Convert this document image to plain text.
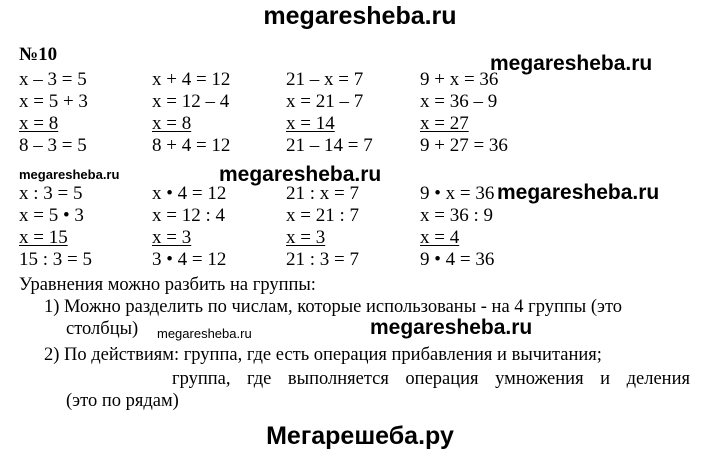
megaresheba.ru
№10	megaresheba.ru
x – 3 = 5
x = 5 + 3
x = 8
8 – 3 = 5
x + 4 = 12
x = 12 – 4
x = 8
8 + 4 = 12
21 – x = 7
x = 21 – 7
x = 14
21 – 14 = 7
9 + x = 36
x = 36 – 9
x = 27
9 + 27 = 36
megaresheba.ru
megaresheba.ru
x : 3 = 5
x = 5 • 3
x = 15
15 : 3 = 5
x • 4 = 12
x = 12 : 4
x = 3
3 • 4 = 12
21 : x = 7
x = 21 : 7
x = 3
21 : 3 = 7
9 • x = 36
x = 36 : 9
x = 4
9 • 4 = 36
megaresheba.ru
Уравнения можно разбить на группы:
1) Можно разделить по числам, которые использованы - на 4 группы (это
столбцы) megaresheba.ru	megaresheba.ru
2) По действиям: группа, где есть операция прибавления и вычитания;
группа, где выполняется операция умножения и деления
(это по рядам)
Мегарешеба.ру
